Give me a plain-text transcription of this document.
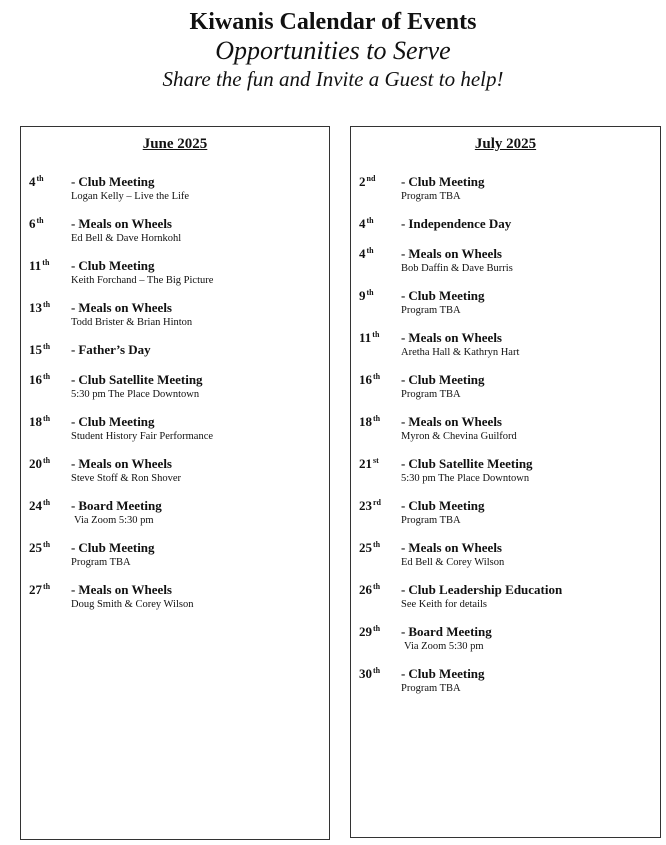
Kiwanis Calendar of Events
Opportunities to Serve
Share the fun and Invite a Guest to help!
June 2025
4th	- Club Meeting
Logan Kelly – Live the Life
6th	- Meals on Wheels
Ed Bell & Dave Hornkohl
11th	- Club Meeting
Keith Forchand – The Big Picture
13th	- Meals on Wheels
Todd Brister & Brian Hinton
15th	- Father’s Day
16th	- Club Satellite Meeting
5:30 pm The Place Downtown
18th	- Club Meeting
Student History Fair Performance
20th	- Meals on Wheels
Steve Stoff & Ron Shover
24th	- Board Meeting
Via Zoom 5:30 pm
25th	- Club Meeting
Program TBA
27th	- Meals on Wheels
Doug Smith & Corey Wilson
July 2025
2nd	- Club Meeting
Program TBA
4th	- Independence Day
4th	- Meals on Wheels
Bob Daffin & Dave Burris
9th	- Club Meeting
Program TBA
11th	- Meals on Wheels
Aretha Hall & Kathryn Hart
16th	- Club Meeting
Program TBA
18th	- Meals on Wheels
Myron & Chevina Guilford
21st	- Club Satellite Meeting
5:30 pm The Place Downtown
23rd	- Club Meeting
Program TBA
25th	- Meals on Wheels
Ed Bell & Corey Wilson
26th	- Club Leadership Education
See Keith for details
29th	- Board Meeting
Via Zoom 5:30 pm
30th	- Club Meeting
Program TBA
